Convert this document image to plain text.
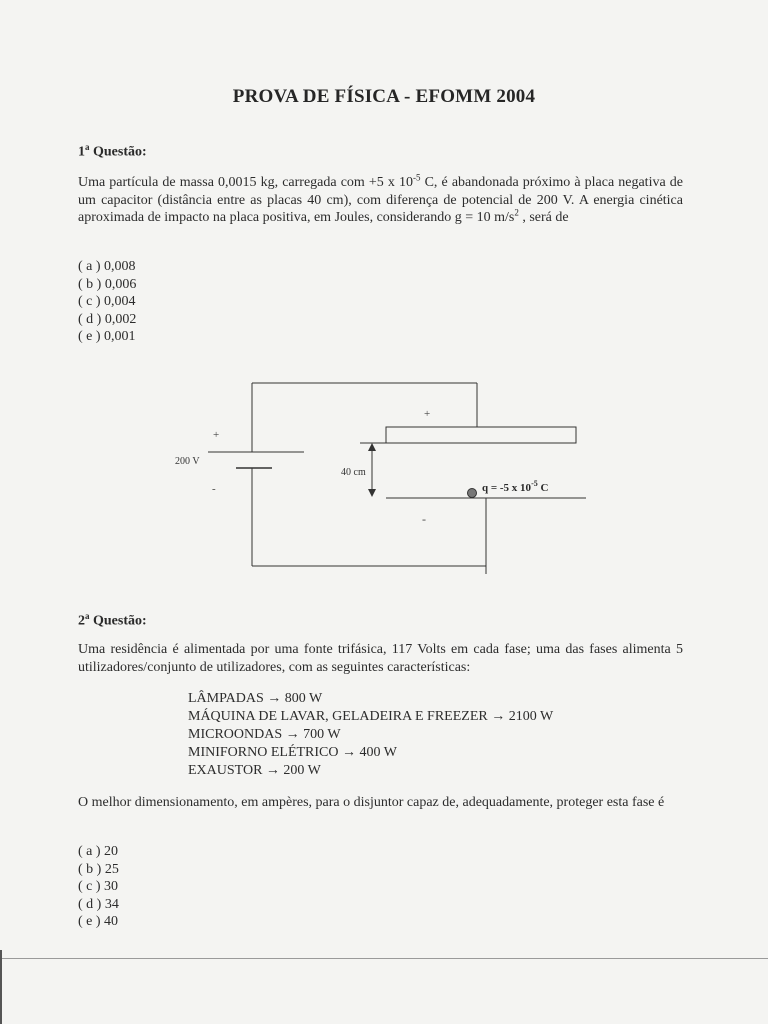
PROVA DE FÍSICA - EFOMM 2004
1$^a$ Questão:
Uma partícula de massa 0,0015 kg, carregada com +5 x $10^{-5}$ C, é abandonada próximo à placa negativa de um capacitor (distância entre as placas 40 cm), com diferença de potencial de 200 V. A energia cinética aproximada de impacto na placa positiva, em Joules, considerando g = 10 $m/s^2$ , será de
( a ) 0,008
( b ) 0,006
( c ) 0,004
( d ) 0,002
( e ) 0,001
+
200 V
-
+
-
40 cm
q = -5 x $10^{-5}$ C
2$^a$ Questão:
Uma residência é alimentada por uma fonte trifásica, 117 Volts em cada fase; uma das fases alimenta 5 utilizadores/conjunto de utilizadores, com as seguintes características:
LÂMPADAS → 800 W
MÁQUINA DE LAVAR, GELADEIRA E FREEZER → 2100 W
MICROONDAS → 700 W
MINIFORNO ELÉTRICO → 400 W
EXAUSTOR → 200 W
O melhor dimensionamento, em ampères, para o disjuntor capaz de, adequadamente, proteger esta fase é
( a ) 20
( b ) 25
( c ) 30
( d ) 34
( e ) 40
